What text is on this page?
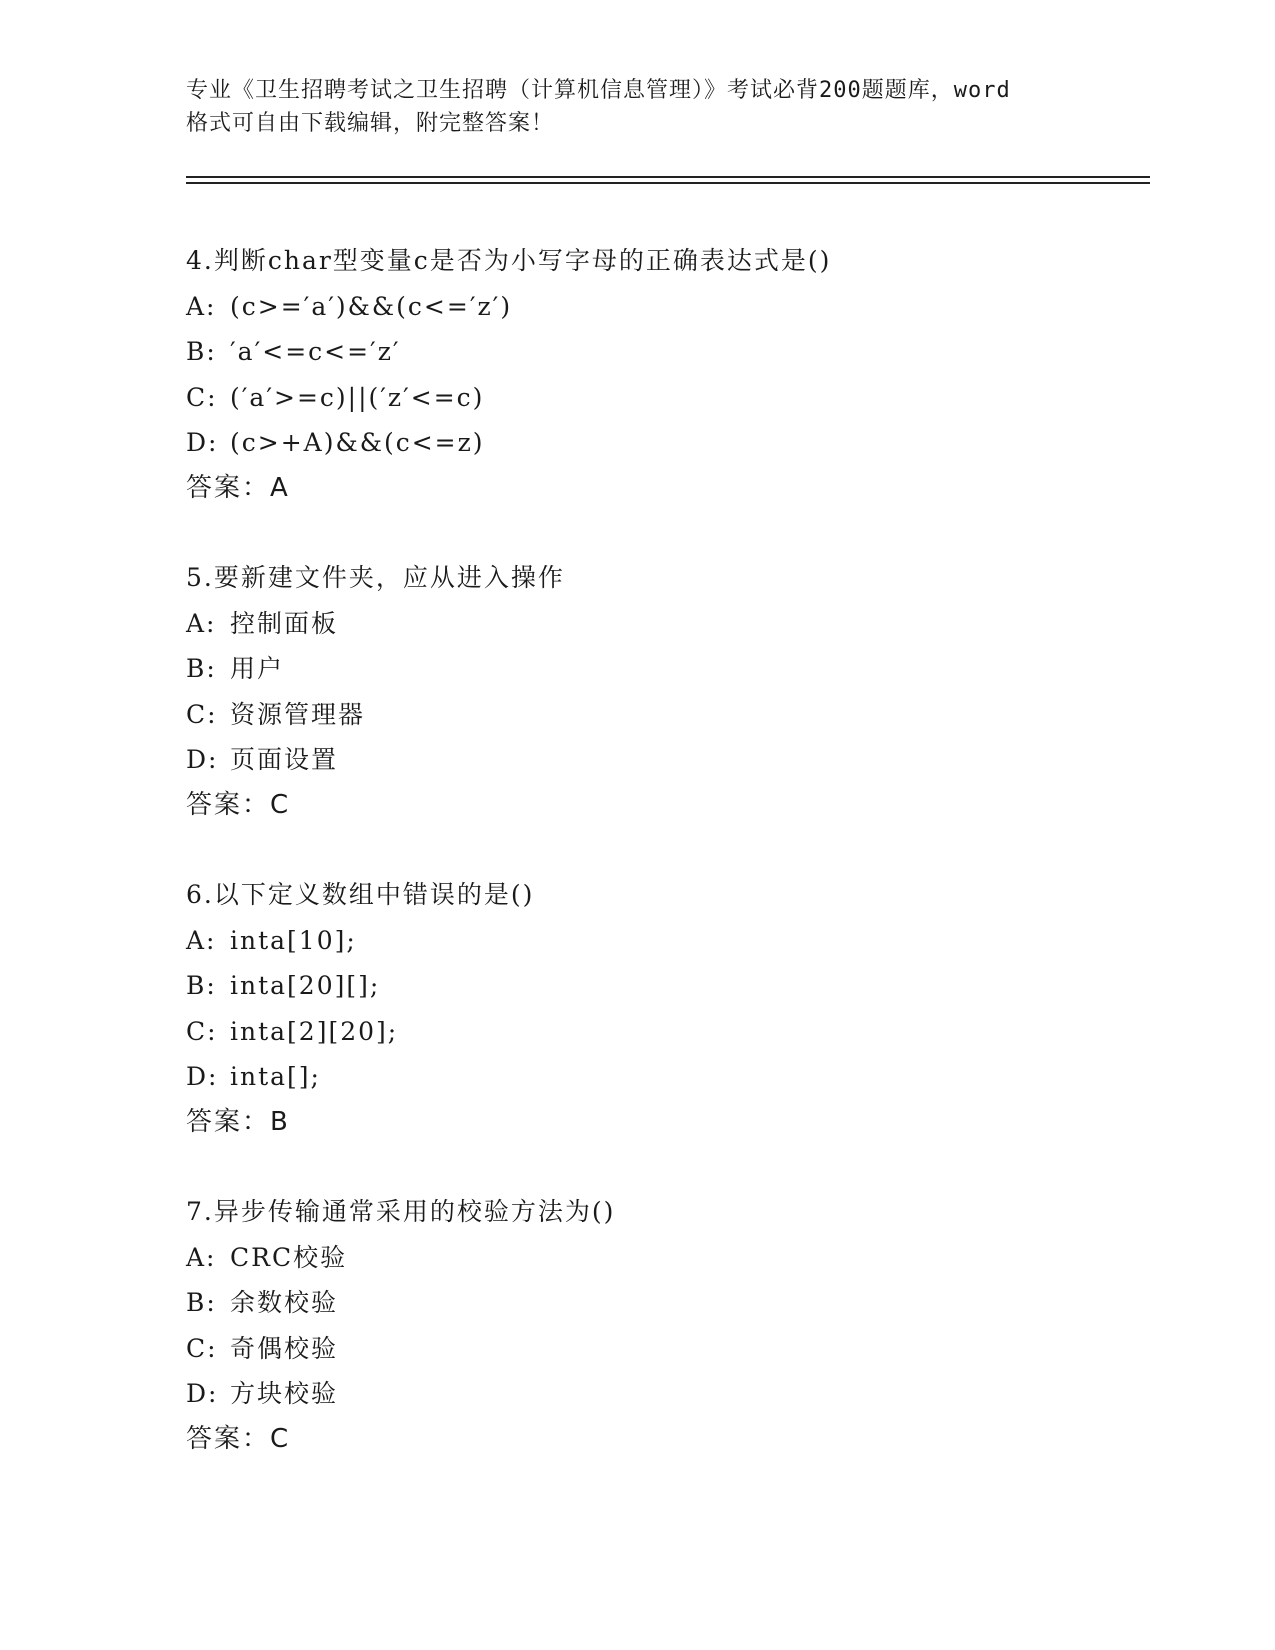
专业《卫生招聘考试之卫生招聘（计算机信息管理）》考试必背200题题库，word
格式可自由下载编辑，附完整答案！
4.判断char型变量c是否为小写字母的正确表达式是()
A: (c>=′a′)&&(c<=′z′)
B: ′a′<=c<=′z′
C: (′a′>=c)||(′z′<=c)
D: (c>+A)&&(c<=z)
答案：A
5.要新建文件夹，应从进入操作
A: 控制面板
B: 用户
C: 资源管理器
D: 页面设置
答案：C
6.以下定义数组中错误的是()
A: inta[10];
B: inta[20][];
C: inta[2][20];
D: inta[];
答案：B
7.异步传输通常采用的校验方法为()
A: CRC校验
B: 余数校验
C: 奇偶校验
D: 方块校验
答案：C
